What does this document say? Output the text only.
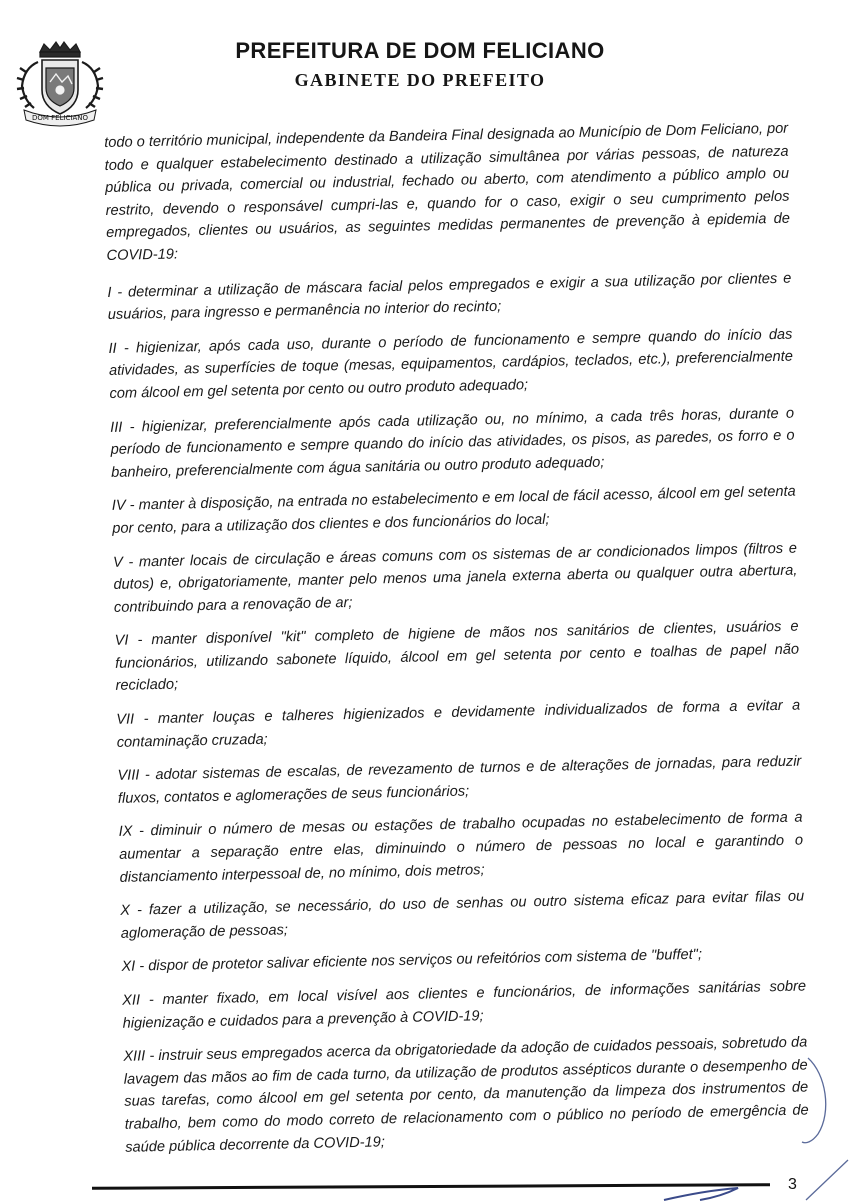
DOM FELICIANO
PREFEITURA DE DOM FELICIANO
GABINETE DO PREFEITO

todo o território municipal, independente da Bandeira Final designada ao Município de Dom Feliciano, por todo e qualquer estabelecimento destinado a utilização simultânea por várias pessoas, de natureza pública ou privada, comercial ou industrial, fechado ou aberto, com atendimento a público amplo ou restrito, devendo o responsável cumpri-las e, quando for o caso, exigir o seu cumprimento pelos empregados, clientes ou usuários, as seguintes medidas permanentes de prevenção à epidemia de COVID-19:

I - determinar a utilização de máscara facial pelos empregados e exigir a sua utilização por clientes e usuários, para ingresso e permanência no interior do recinto;

II - higienizar, após cada uso, durante o período de funcionamento e sempre quando do início das atividades, as superfícies de toque (mesas, equipamentos, cardápios, teclados, etc.), preferencialmente com álcool em gel setenta por cento ou outro produto adequado;

III - higienizar, preferencialmente após cada utilização ou, no mínimo, a cada três horas, durante o período de funcionamento e sempre quando do início das atividades, os pisos, as paredes, os forro e o banheiro, preferencialmente com água sanitária ou outro produto adequado;

IV - manter à disposição, na entrada no estabelecimento e em local de fácil acesso, álcool em gel setenta por cento, para a utilização dos clientes e dos funcionários do local;

V - manter locais de circulação e áreas comuns com os sistemas de ar condicionados limpos (filtros e dutos) e, obrigatoriamente, manter pelo menos uma janela externa aberta ou qualquer outra abertura, contribuindo para a renovação de ar;

VI - manter disponível "kit" completo de higiene de mãos nos sanitários de clientes, usuários e funcionários, utilizando sabonete líquido, álcool em gel setenta por cento e toalhas de papel não reciclado;

VII - manter louças e talheres higienizados e devidamente individualizados de forma a evitar a contaminação cruzada;

VIII - adotar sistemas de escalas, de revezamento de turnos e de alterações de jornadas, para reduzir fluxos, contatos e aglomerações de seus funcionários;

IX - diminuir o número de mesas ou estações de trabalho ocupadas no estabelecimento de forma a aumentar a separação entre elas, diminuindo o número de pessoas no local e garantindo o distanciamento interpessoal de, no mínimo, dois metros;

X - fazer a utilização, se necessário, do uso de senhas ou outro sistema eficaz para evitar filas ou aglomeração de pessoas;

XI - dispor de protetor salivar eficiente nos serviços ou refeitórios com sistema de "buffet";

XII - manter fixado, em local visível aos clientes e funcionários, de informações sanitárias sobre higienização e cuidados para a prevenção à COVID-19;

XIII - instruir seus empregados acerca da obrigatoriedade da adoção de cuidados pessoais, sobretudo da lavagem das mãos ao fim de cada turno, da utilização de produtos assépticos durante o desempenho de suas tarefas, como álcool em gel setenta por cento, da manutenção da limpeza dos instrumentos de trabalho, bem como do modo correto de relacionamento com o público no período de emergência de saúde pública decorrente da COVID-19;

3
